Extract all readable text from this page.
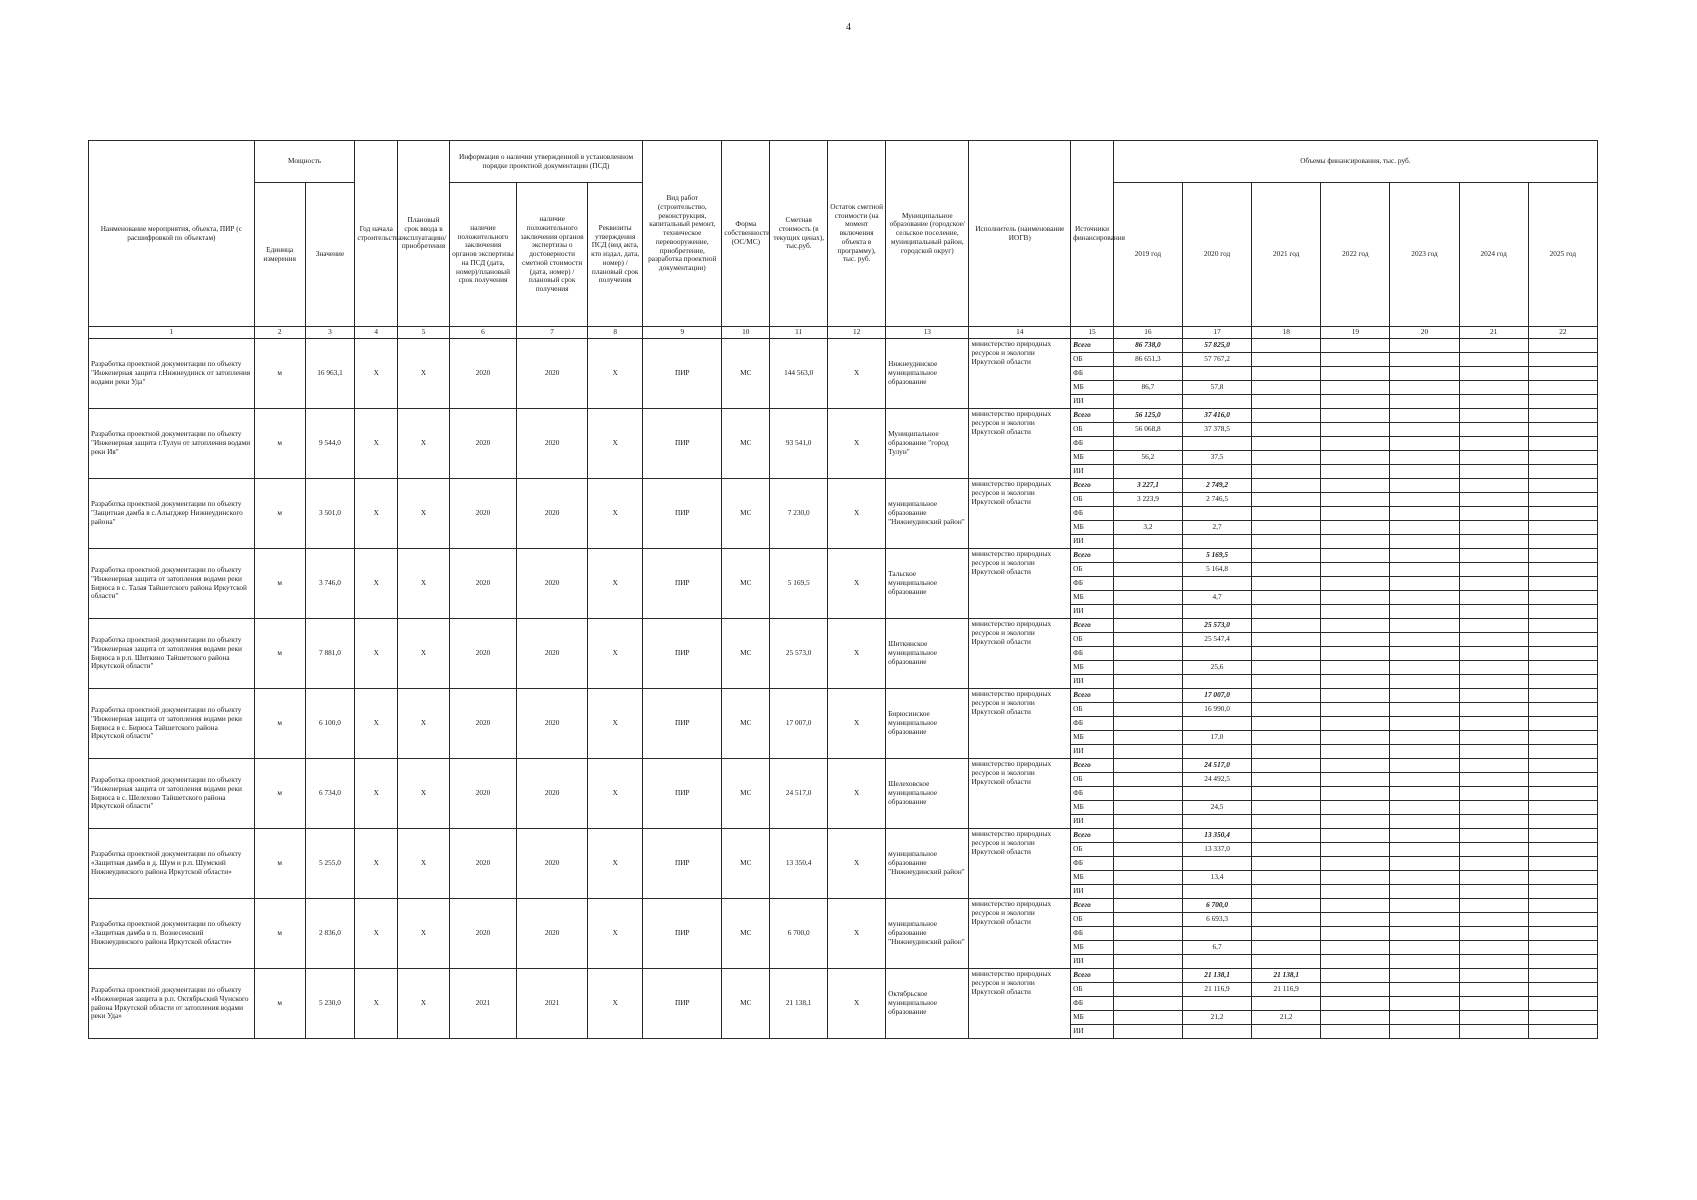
4
Наименование мероприятия, объекта, ПИР (с расшифровкой по объектам)	Мощность		Год начала строительства	Плановый срок ввода в эксплуатацию/приобретения	Информация о наличии утвержденной в установленном порядке проектной документации (ПСД)			Вид работ (строительство, реконструкция, капитальный ремонт, техническое перевооружение, приобретение, разработка проектной документации)	Форма собственности (ОС/МС)	Сметная стоимость (в текущих ценах), тыс.руб.	Остаток сметной стоимости (на момент включения объекта в программу), тыс. руб.	Муниципальное образование (городское/сельское поселение, муниципальный район, городской округ)	Исполнитель (наименование ИОГВ)	Источники финансирования	Объемы финансирования, тыс. руб.						
	Единица измерения	Значение			наличие положительного заключения органов экспертизы на ПСД (дата, номер)/плановый срок получения	наличие положительного заключения органов экспертизы о достоверности сметной стоимости (дата, номер) / плановый срок получения	Реквизиты утверждения ПСД (вид акта, кто издал, дата, номер) / плановый срок получения								2019 год	2020 год	2021 год	2022 год	2023 год	2024 год	2025 год

1	2	3	4	5	6	7	8	9	10	11	12	13	14	15	16	17	18	19	20	21	22
Разработка проектной документации по объекту "Инженерная защита г.Нижнеудинск от затопления водами реки Уда"	м	16 963,1	Х	Х	2020	2020	Х	ПИР	МС	144 563,0	Х	Нижнеудинское муниципальное образование	министерство природных ресурсов и экологии Иркутской области	Всего	86 738,0	57 825,0					
														ОБ	86 651,3	57 767,2					
														ФБ							
														МБ	86,7	57,8					
														ИИ							
Разработка проектной документации по объекту "Инженерная защита г.Тулун от затопления водами реки Ия"	м	9 544,0	Х	Х	2020	2020	Х	ПИР	МС	93 541,0	Х	Муниципальное образование "город Тулун"	министерство природных ресурсов и экологии Иркутской области	Всего	56 125,0	37 416,0					
														ОБ	56 068,8	37 378,5					
														ФБ							
														МБ	56,2	37,5					
														ИИ							
Разработка проектной документации по объекту "Защитная дамба в с.Алыгджер Нижнеудинского района"	м	3 501,0	Х	Х	2020	2020	Х	ПИР	МС	7 230,0	Х	муниципальное образование "Нижнеудинский район"	министерство природных ресурсов и экологии Иркутской области	Всего	3 227,1	2 749,2					
														ОБ	3 223,9	2 746,5					
														ФБ							
														МБ	3,2	2,7					
														ИИ							
Разработка проектной документации по объекту "Инженерная защита от затопления водами реки Бирюса в с. Талая Тайшетского района Иркутской области"	м	3 746,0	Х	Х	2020	2020	Х	ПИР	МС	5 169,5	Х	Тальское муниципальное образование	министерство природных ресурсов и экологии Иркутской области	Всего		5 169,5					
														ОБ		5 164,8					
														ФБ							
														МБ		4,7					
														ИИ							
Разработка проектной документации по объекту "Инженерная защита от затопления водами реки Бирюса в р.п. Шиткино Тайшетского района Иркутской области"	м	7 881,0	Х	Х	2020	2020	Х	ПИР	МС	25 573,0	Х	Шиткинское муниципальное образование	министерство природных ресурсов и экологии Иркутской области	Всего		25 573,0					
														ОБ		25 547,4					
														ФБ							
														МБ		25,6					
														ИИ							
Разработка проектной документации по объекту "Инженерная защита от затопления водами реки Бирюса в с. Бирюса Тайшетского района Иркутской области"	м	6 100,0	Х	Х	2020	2020	Х	ПИР	МС	17 007,0	Х	Бирюсинское муниципальное образование	министерство природных ресурсов и экологии Иркутской области	Всего		17 007,0					
														ОБ		16 990,0					
														ФБ							
														МБ		17,0					
														ИИ							
Разработка проектной документации по объекту "Инженерная защита от затопления водами реки Бирюса в с. Шелехово Тайшетского района Иркутской области"	м	6 734,0	Х	Х	2020	2020	Х	ПИР	МС	24 517,0	Х	Шелеховское муниципальное образование	министерство природных ресурсов и экологии Иркутской области	Всего		24 517,0					
														ОБ		24 492,5					
														ФБ							
														МБ		24,5					
														ИИ							
Разработка проектной документации по объекту «Защитная дамба в д. Шум и р.п. Шумский Нижнеудинского района Иркутской области»	м	5 255,0	Х	Х	2020	2020	Х	ПИР	МС	13 350,4	Х	муниципальное образование "Нижнеудинский район"	министерство природных ресурсов и экологии Иркутской области	Всего		13 350,4					
														ОБ		13 337,0					
														ФБ							
														МБ		13,4					
														ИИ							
Разработка проектной документации по объекту «Защитная дамба в п. Вознесенский Нижнеудинского района Иркутской области»	м	2 836,0	Х	Х	2020	2020	Х	ПИР	МС	6 700,0	Х	муниципальное образование "Нижнеудинский район"	министерство природных ресурсов и экологии Иркутской области	Всего		6 700,0					
														ОБ		6 693,3					
														ФБ							
														МБ		6,7					
														ИИ							
Разработка проектной документации по объекту «Инженерная защита в р.п. Октябрьский Чунского района Иркутской области от затопления водами реки Уда»	м	5 230,0	Х	Х	2021	2021	Х	ПИР	МС	21 138,1	Х	Октябрьское муниципальное образование	министерство природных ресурсов и экологии Иркутской области	Всего		21 138,1	21 138,1				
														ОБ		21 116,9	21 116,9				
														ФБ							
														МБ		21,2	21,2				
														ИИ							
